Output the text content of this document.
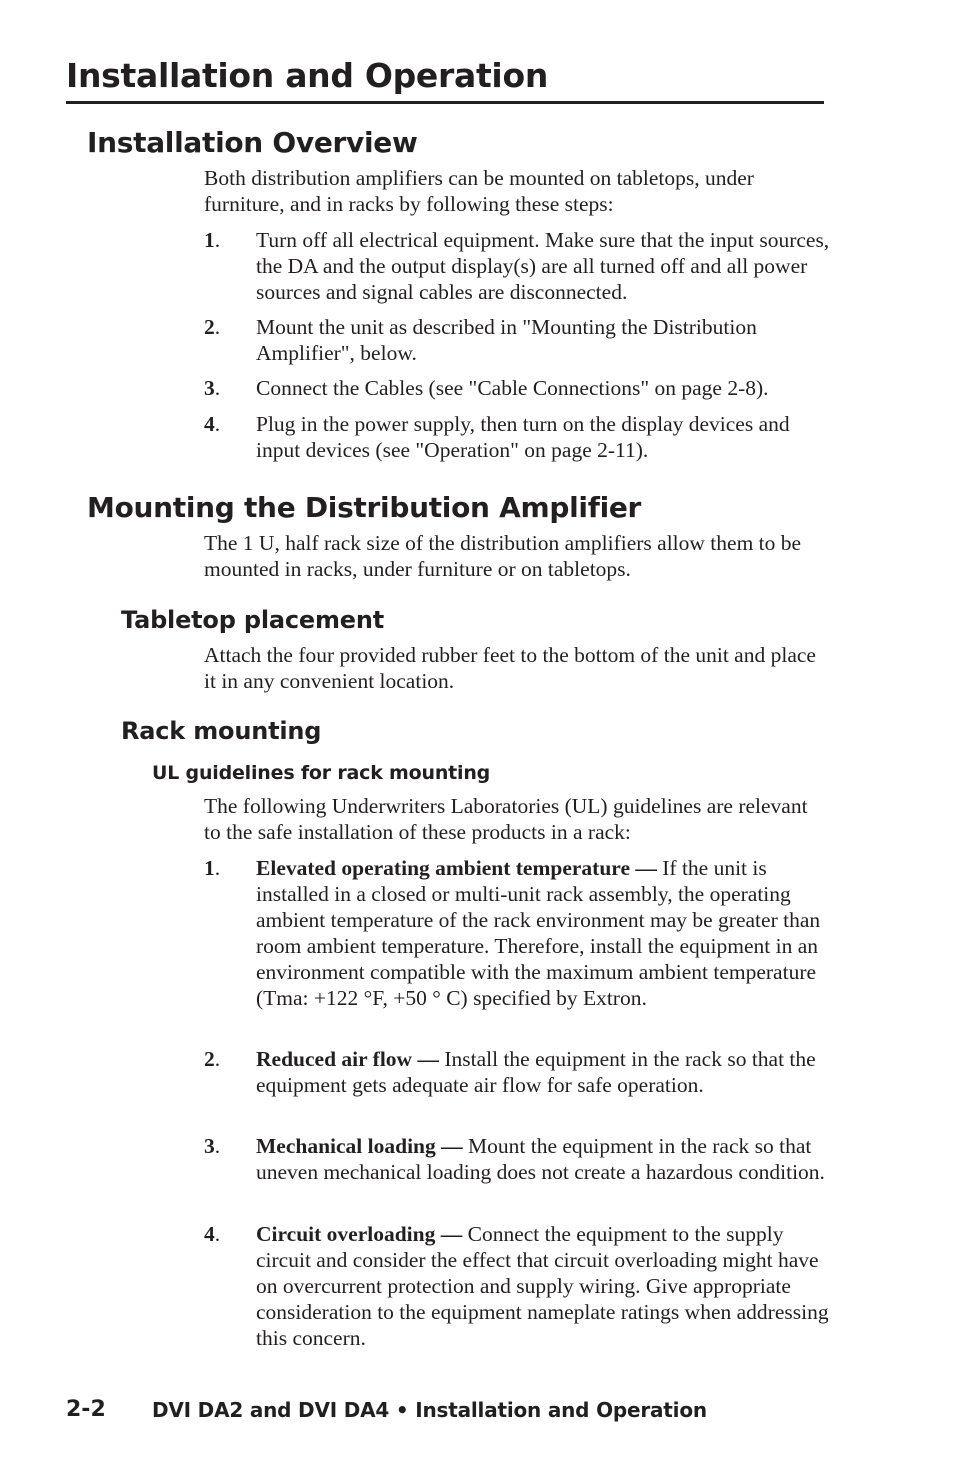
Installation and Operation
Installation Overview

Both distribution amplifiers can be mounted on tabletops, under furniture, and in racks by following these steps:

1. Turn off all electrical equipment. Make sure that the input sources, the DA and the output display(s) are all turned off and all power sources and signal cables are disconnected.

2. Mount the unit as described in "Mounting the Distribution Amplifier", below.

3. Connect the Cables (see "Cable Connections" on page 2-8).

4. Plug in the power supply, then turn on the display devices and input devices (see "Operation" on page 2-11).

Mounting the Distribution Amplifier

The 1 U, half rack size of the distribution amplifiers allow them to be mounted in racks, under furniture or on tabletops.

Tabletop placement

Attach the four provided rubber feet to the bottom of the unit and place it in any convenient location.

Rack mounting
UL guidelines for rack mounting

The following Underwriters Laboratories (UL) guidelines are relevant to the safe installation of these products in a rack:

1. Elevated operating ambient temperature — If the unit is installed in a closed or multi-unit rack assembly, the operating ambient temperature of the rack environment may be greater than room ambient temperature. Therefore, install the equipment in an environment compatible with the maximum ambient temperature (Tma: +122 °F, +50 ° C) specified by Extron.

2. Reduced air flow — Install the equipment in the rack so that the equipment gets adequate air flow for safe operation.

3. Mechanical loading — Mount the equipment in the rack so that uneven mechanical loading does not create a hazardous condition.

4. Circuit overloading — Connect the equipment to the supply circuit and consider the effect that circuit overloading might have on overcurrent protection and supply wiring. Give appropriate consideration to the equipment nameplate ratings when addressing this concern.

2-2 DVI DA2 and DVI DA4 • Installation and Operation
